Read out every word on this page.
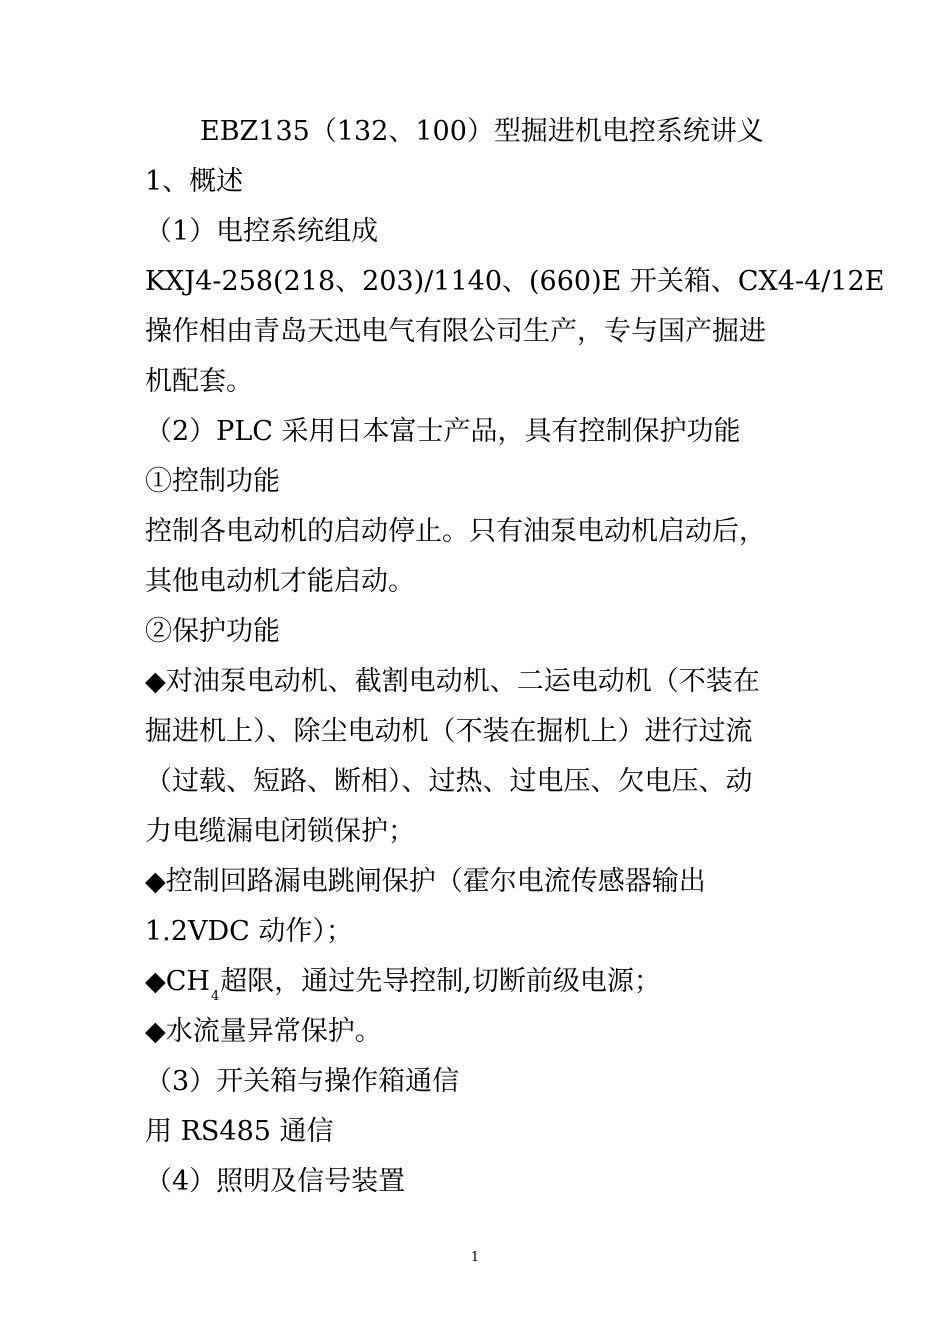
EBZ135（132、100）型掘进机电控系统讲义
1、概述
（1）电控系统组成
KXJ4-258(218、203)/1140、(660)E 开关箱、CX4-4/12E
操作相由青岛天迅电气有限公司生产，专与国产掘进
机配套。
（2）PLC 采用日本富士产品，具有控制保护功能
①控制功能
控制各电动机的启动停止。只有油泵电动机启动后，
其他电动机才能启动。
②保护功能
◆对油泵电动机、截割电动机、二运电动机（不装在
掘进机上）、除尘电动机（不装在掘机上）进行过流
（过载、短路、断相）、过热、过电压、欠电压、动
力电缆漏电闭锁保护；
◆控制回路漏电跳闸保护（霍尔电流传感器输出
1.2VDC 动作）；
$◆CH_4$超限，通过先导控制,切断前级电源；
◆水流量异常保护。
（3）开关箱与操作箱通信
用 RS485 通信
（4）照明及信号装置
1
